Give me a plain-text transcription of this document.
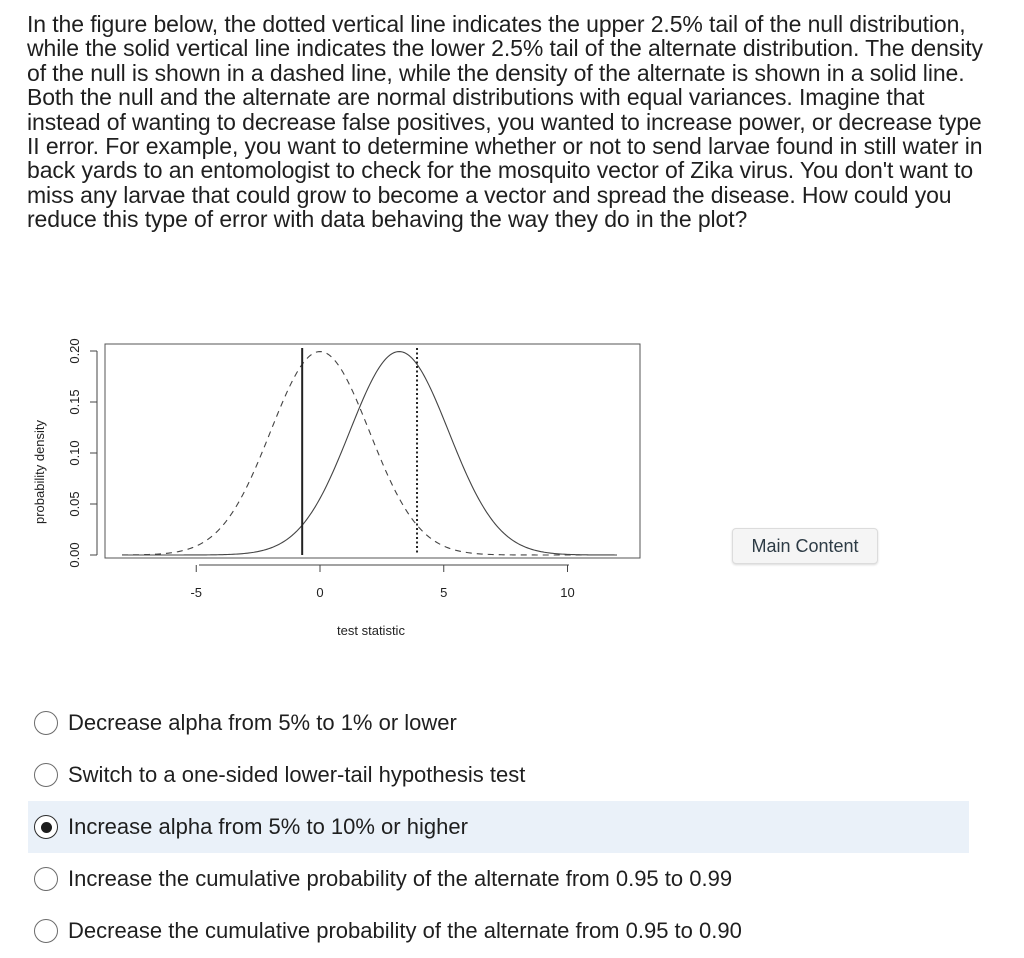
In the figure below, the dotted vertical line indicates the upper 2.5% tail of the null distribution, while the solid vertical line indicates the lower 2.5% tail of the alternate distribution. The density of the null is shown in a dashed line, while the density of the alternate is shown in a solid line. Both the null and the alternate are normal distributions with equal variances. Imagine that instead of wanting to decrease false positives, you wanted to increase power, or decrease type II error. For example, you want to determine whether or not to send larvae found in still water in back yards to an entomologist to check for the mosquito vector of Zika virus. You don't want to miss any larvae that could grow to become a vector and spread the disease. How could you reduce this type of error with data behaving the way they do in the plot?

0.00
0.05
0.10
0.15
0.20
-5	0	5	10
test statistic
probability density
Main Content
Decrease alpha from 5% to 1% or lower
Switch to a one-sided lower-tail hypothesis test
Increase alpha from 5% to 10% or higher
Increase the cumulative probability of the alternate from 0.95 to 0.99
Decrease the cumulative probability of the alternate from 0.95 to 0.90
